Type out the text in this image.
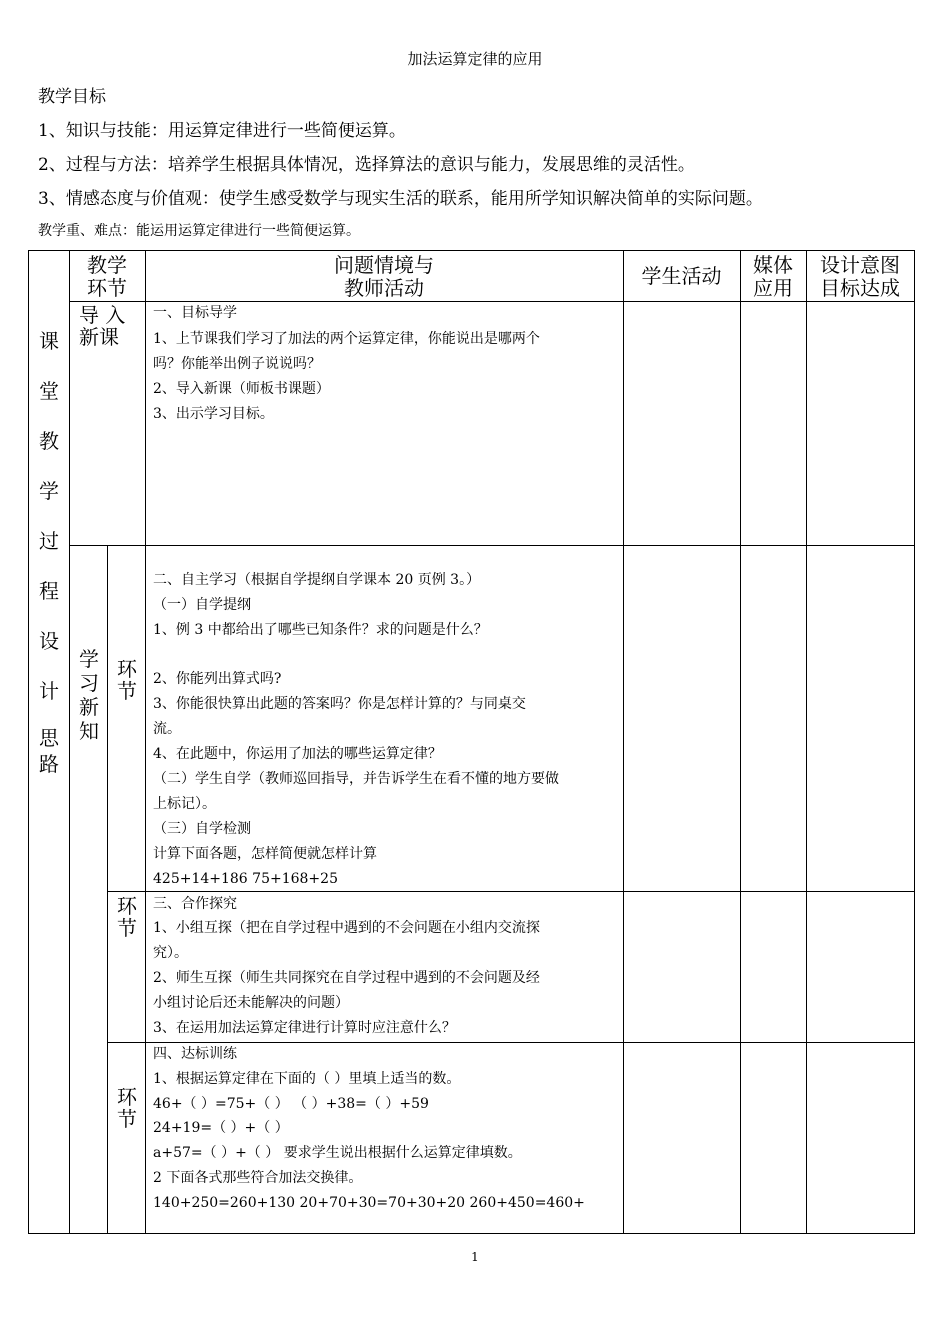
加法运算定律的应用
教学目标
1、知识与技能：用运算定律进行一些简便运算。
2、过程与方法：培养学生根据具体情况，选择算法的意识与能力，发展思维的灵活性。
3、情感态度与价值观：使学生感受数学与现实生活的联系，能用所学知识解决简单的实际问题。
教学重、难点：能运用运算定律进行一些简便运算。
教学
环节
问题情境与
教师活动	学生活动	媒体
应用
设计意图
目标达成
课
堂
教
学
过
程
设
计
思
路
导 入
新课
学
习
新
知
环
节
环
节
环
节
一、目标导学
1、上节课我们学习了加法的两个运算定律，你能说出是哪两个
吗？你能举出例子说说吗？
2、导入新课（师板书课题）
3、出示学习目标。
二、自主学习（根据自学提纲自学课本 20 页例 3。）
（一）自学提纲
1、例 3 中都给出了哪些已知条件？求的问题是什么？
2、你能列出算式吗?
3、你能很快算出此题的答案吗？你是怎样计算的？与同桌交
流。
4、在此题中，你运用了加法的哪些运算定律？
（二）学生自学（教师巡回指导，并告诉学生在看不懂的地方要做
上标记）。
（三）自学检测
计算下面各题，怎样简便就怎样计算
425+14+186 75+168+25
三、合作探究
1、小组互探（把在自学过程中遇到的不会问题在小组内交流探
究）。
2、师生互探（师生共同探究在自学过程中遇到的不会问题及经
小组讨论后还未能解决的问题）
3、在运用加法运算定律进行计算时应注意什么？
四、达标训练
1、根据运算定律在下面的（ ）里填上适当的数。
46+（ ）=75+（ ） （ ）+38=（ ）+59
24+19=（ ）+（ ）
a+57=（ ）+（ ） 要求学生说出根据什么运算定律填数。
2 下面各式那些符合加法交换律。
140+250=260+130 20+70+30=70+30+20 260+450=460+
1
